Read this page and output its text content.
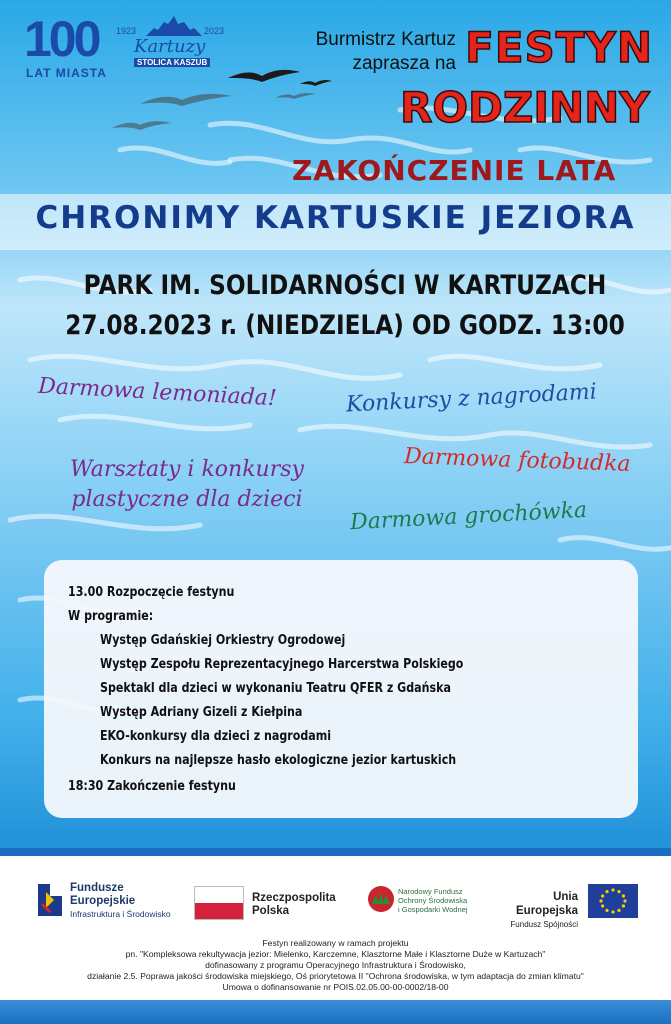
100
LAT MIASTA
1923	2023
Kartuzy
STOLICA KASZUB
Burmistrz Kartuz
zaprasza na FESTYN
RODZINNY
ZAKOŃCZENIE LATA
CHRONIMY KARTUSKIE JEZIORA
PARK IM. SOLIDARNOŚCI W KARTUZACH
27.08.2023 r. (NIEDZIELA) OD GODZ. 13:00
Darmowa lemoniada!	Konkursy z nagrodami
Warsztaty i konkursy
plastyczne dla dzieci
Darmowa fotobudka
Darmowa grochówka
13.00 Rozpoczęcie festynu
W programie:
Występ Gdańskiej Orkiestry Ogrodowej
Występ Zespołu Reprezentacyjnego Harcerstwa Polskiego
Spektakl dla dzieci w wykonaniu Teatru QFER z Gdańska
Występ Adriany Gizeli z Kiełpina
EKO-konkursy dla dzieci z nagrodami
Konkurs na najlepsze hasło ekologiczne jezior kartuskich
18:30 Zakończenie festynu
Fundusze
Europejskie
Infrastruktura i Środowisko
Rzeczpospolita
Polska
Narodowy Fundusz
Ochrony Środowiska
i Gospodarki Wodnej
Unia Europejska
Fundusz Spójności
Festyn realizowany w ramach projektu
pn. "Kompleksowa rekultywacja jezior: Mielenko, Karczemne, Klasztorne Małe i Klasztorne Duże w Kartuzach"
dofinasowany z programu Operacyjnego Infrastruktura i Środowisko,
działanie 2.5. Poprawa jakości środowiska miejskiego, Oś priorytetowa II "Ochrona środowiska, w tym adaptacja do zmian klimatu"
Umowa o dofinansowanie nr POIS.02.05.00-00-0002/18-00
